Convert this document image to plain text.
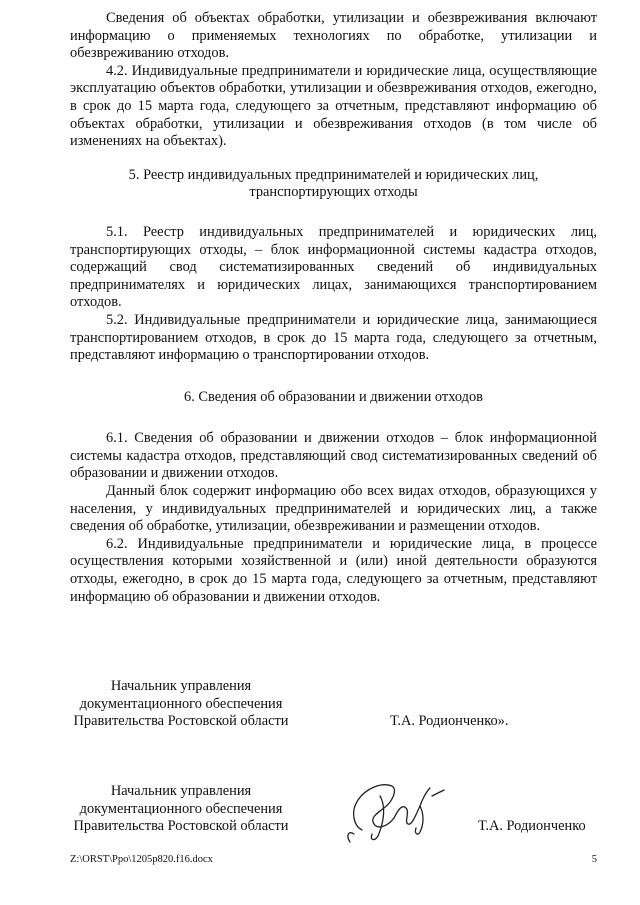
Сведения об объектах обработки, утилизации и обезвреживания включают информацию о применяемых технологиях по обработке, утилизации и обезвреживанию отходов.

4.2. Индивидуальные предприниматели и юридические лица, осуществляющие эксплуатацию объектов обработки, утилизации и обезвреживания отходов, ежегодно, в срок до 15 марта года, следующего за отчетным, представляют информацию об объектах обработки, утилизации и обезвреживания отходов (в том числе об изменениях на объектах).

5. Реестр индивидуальных предпринимателей и юридических лиц,
транспортирующих отходы

5.1. Реестр индивидуальных предпринимателей и юридических лиц, транспортирующих отходы, – блок информационной системы кадастра отходов, содержащий свод систематизированных сведений об индивидуальных предпринимателях и юридических лицах, занимающихся транспортированием отходов.

5.2. Индивидуальные предприниматели и юридические лица, занимающиеся транспортированием отходов, в срок до 15 марта года, следующего за отчетным, представляют информацию о транспортировании отходов.

6. Сведения об образовании и движении отходов

6.1. Сведения об образовании и движении отходов – блок информационной системы кадастра отходов, представляющий свод систематизированных сведений об образовании и движении отходов.

Данный блок содержит информацию обо всех видах отходов, образующихся у населения, у индивидуальных предпринимателей и юридических лиц, а также сведения об обработке, утилизации, обезвреживании и размещении отходов.

6.2. Индивидуальные предприниматели и юридические лица, в процессе осуществления которыми хозяйственной и (или) иной деятельности образуются отходы, ежегодно, в срок до 15 марта года, следующего за отчетным, представляют информацию об образовании и движении отходов.

Начальник управления
документационного обеспечения
Правительства Ростовской области	Т.А. Родионченко».
Начальник управления
документационного обеспечения
Правительства Ростовской области	Т.А. Родионченко
Z:\ORST\Ppo\1205p820.f16.docx	5
